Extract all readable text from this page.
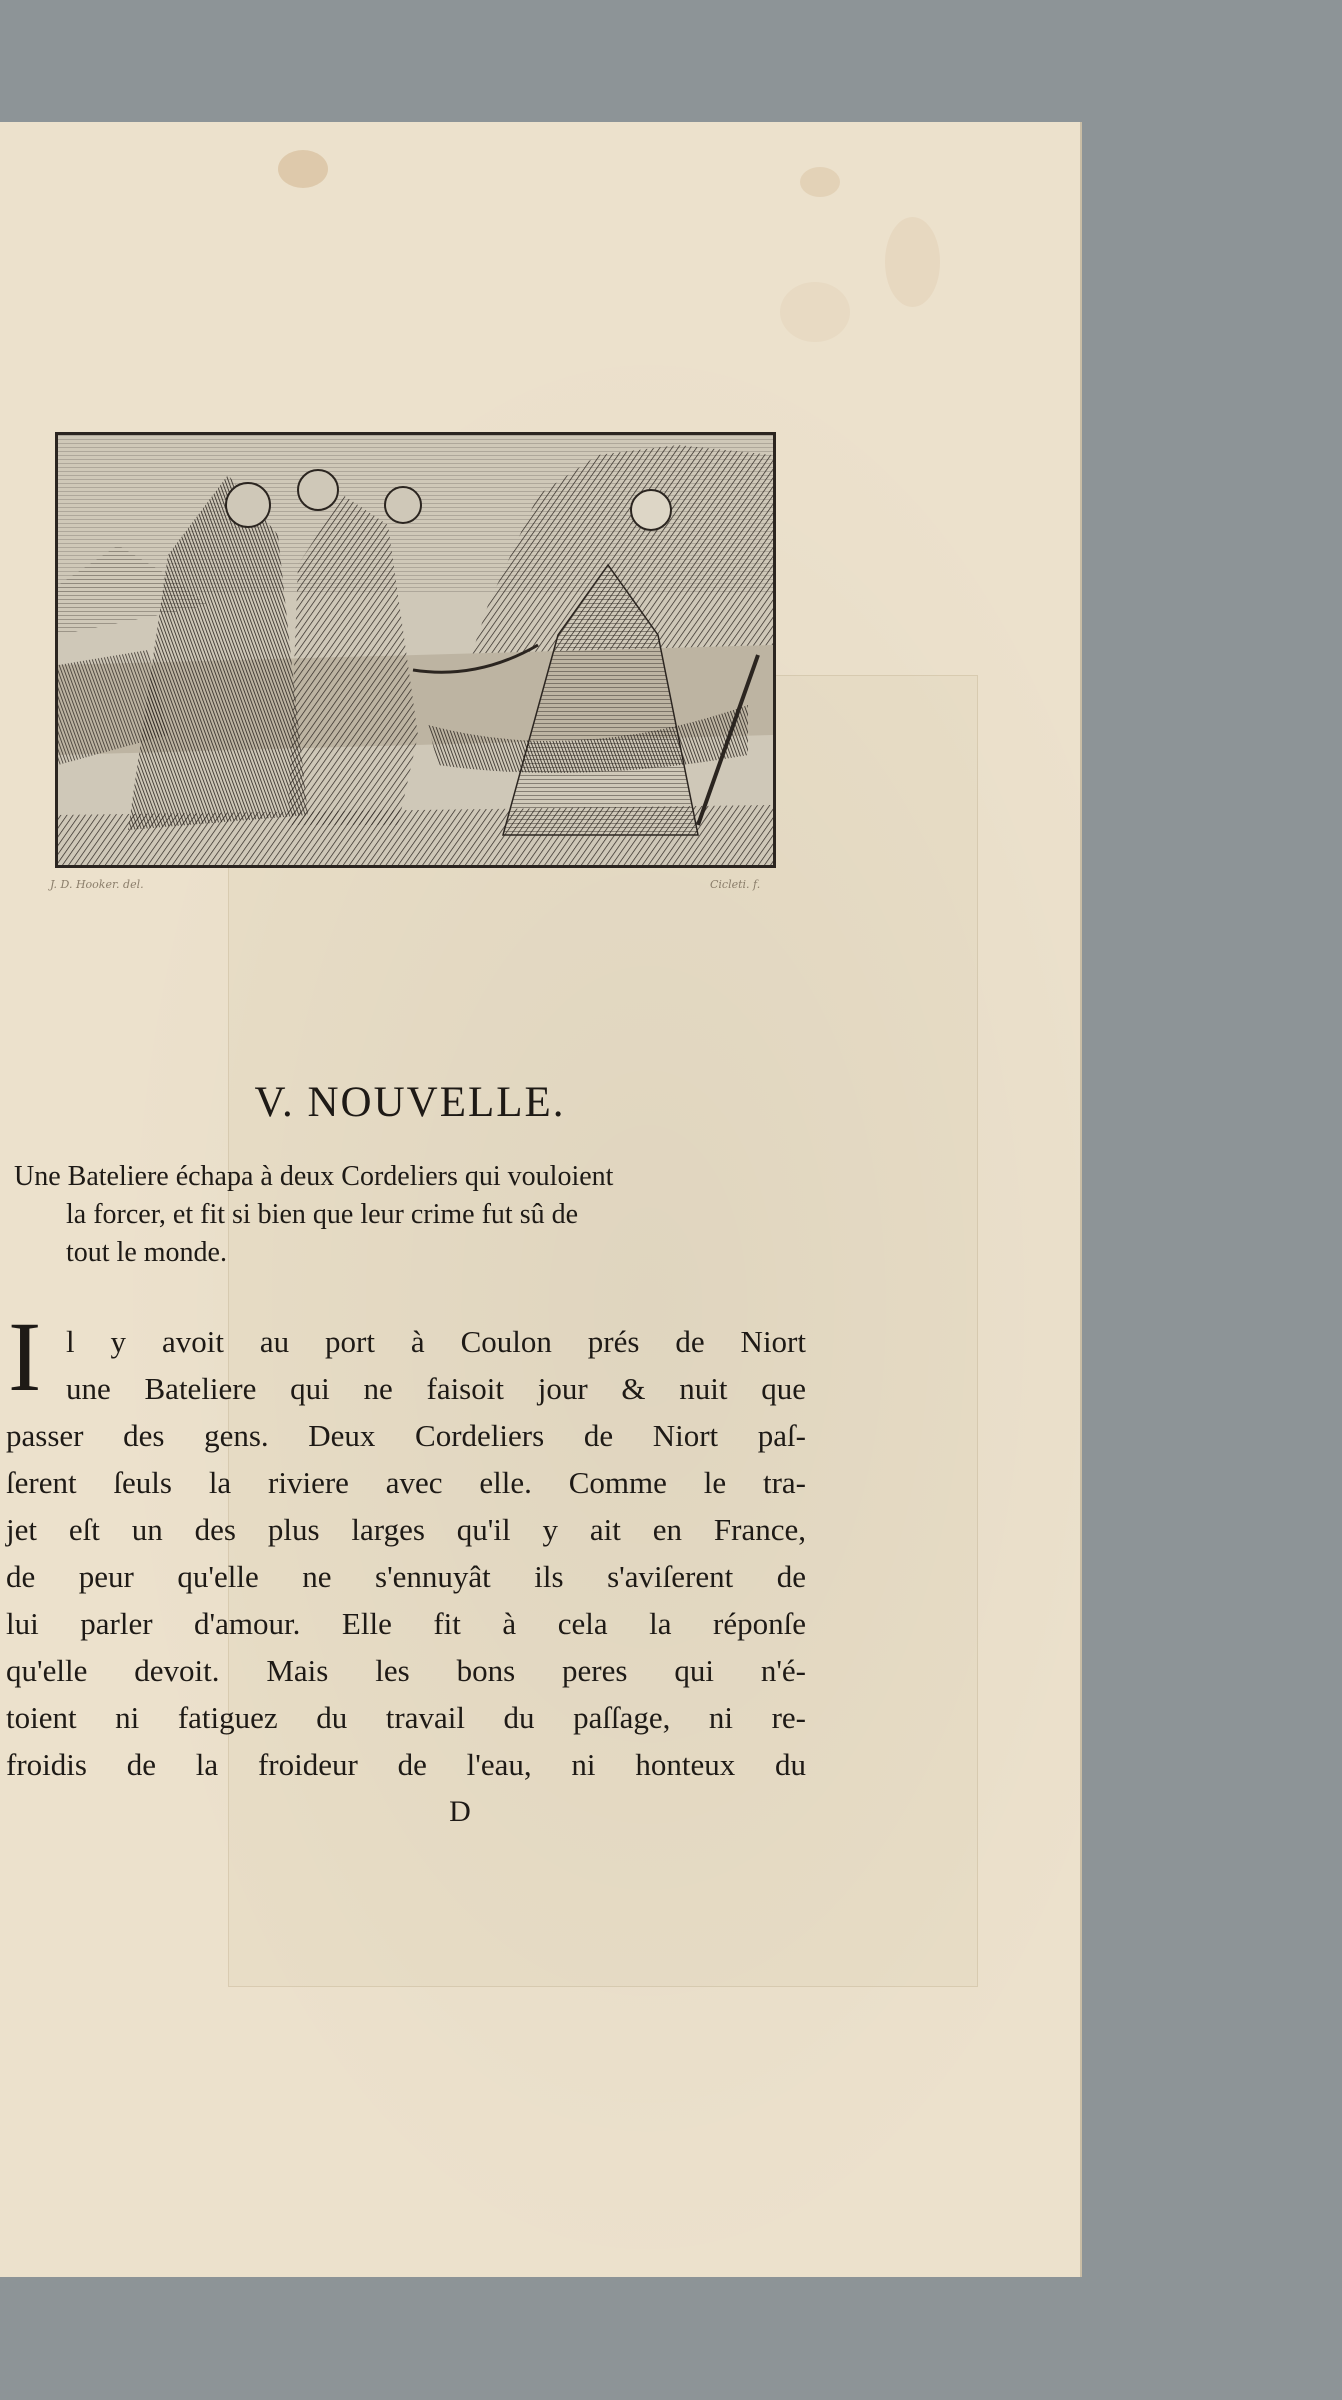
J. D. Hooker. del.	Cicleti. f.
V. NOUVELLE.
Une Bateliere échapa à deux Cordeliers qui vouloient
la forcer, et fit si bien que leur crime fut sû de
tout le monde.
I l y avoit au port à Coulon prés de Niort
une Bateliere qui ne faisoit jour & nuit que
passer des gens. Deux Cordeliers de Niort paſ-
ſerent ſeuls la riviere avec elle. Comme le tra-
jet eſt un des plus larges qu'il y ait en France,
de peur qu'elle ne s'ennuyât ils s'aviſerent de
lui parler d'amour. Elle fit à cela la réponſe
qu'elle devoit. Mais les bons peres qui n'é-
toient ni fatiguez du travail du paſſage, ni re-
froidis de la froideur de l'eau, ni honteux du
D
